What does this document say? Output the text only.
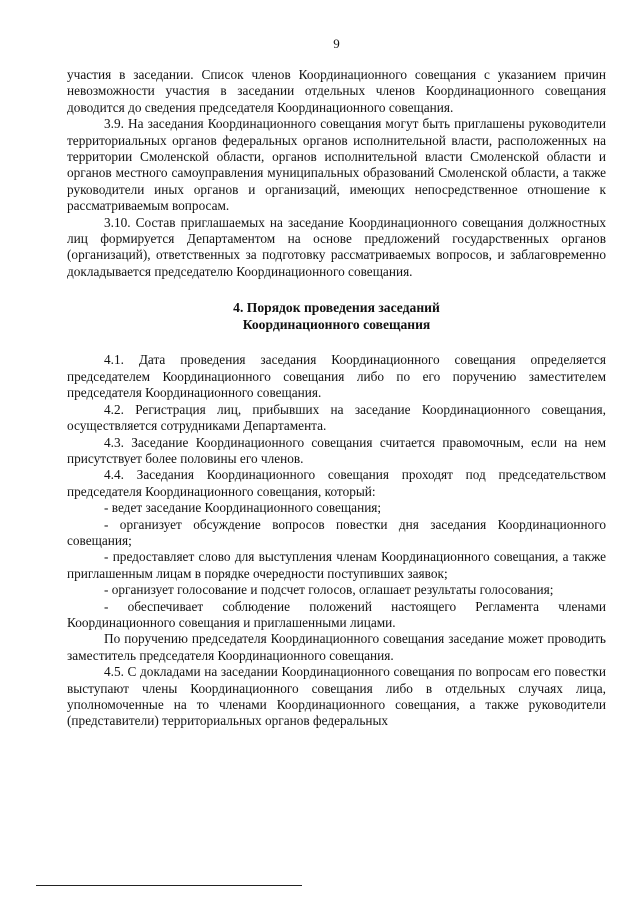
9

участия в заседании. Список членов Координационного совещания с указанием причин невозможности участия в заседании отдельных членов Координационного совещания доводится до сведения председателя Координационного совещания.

3.9. На заседания Координационного совещания могут быть приглашены руководители территориальных органов федеральных органов исполнительной власти, расположенных на территории Смоленской области, органов исполнительной власти Смоленской области и органов местного самоуправления муниципальных образований Смоленской области, а также руководители иных органов и организаций, имеющих непосредственное отношение к рассматриваемым вопросам.

3.10. Состав приглашаемых на заседание Координационного совещания должностных лиц формируется Департаментом на основе предложений государственных органов (организаций), ответственных за подготовку рассматриваемых вопросов, и заблаговременно докладывается председателю Координационного совещания.

4. Порядок проведения заседаний
Координационного совещания

4.1. Дата проведения заседания Координационного совещания определяется председателем Координационного совещания либо по его поручению заместителем председателя Координационного совещания.

4.2. Регистрация лиц, прибывших на заседание Координационного совещания, осуществляется сотрудниками Департамента.

4.3. Заседание Координационного совещания считается правомочным, если на нем присутствует более половины его членов.

4.4. Заседания Координационного совещания проходят под председательством председателя Координационного совещания, который:

- ведет заседание Координационного совещания;

- организует обсуждение вопросов повестки дня заседания Координационного совещания;

- предоставляет слово для выступления членам Координационного совещания, а также приглашенным лицам в порядке очередности поступивших заявок;

- организует голосование и подсчет голосов, оглашает результаты голосования;

- обеспечивает соблюдение положений настоящего Регламента членами Координационного совещания и приглашенными лицами.

По поручению председателя Координационного совещания заседание может проводить заместитель председателя Координационного совещания.

4.5. С докладами на заседании Координационного совещания по вопросам его повестки выступают члены Координационного совещания либо в отдельных случаях лица, уполномоченные на то членами Координационного совещания, а также руководители (представители) территориальных органов федеральных
